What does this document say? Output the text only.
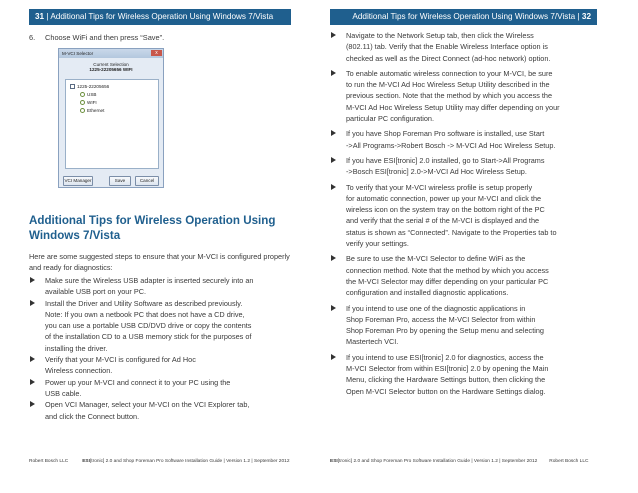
31 | Additional Tips for Wireless Operation Using Windows 7/Vista
6. Choose WiFi and then press “Save”.
M-VCI Selector	x
Current Selection
1225-22205656 WIFI
1225-22205656
USB
WIFI
Ethernet
VCI Manager	Save	Cancel
Additional Tips for Wireless Operation Using Windows 7/Vista

Here are some suggested steps to ensure that your M-VCI is configured properly and ready for diagnostics:

Make sure the Wireless USB adapter is inserted securely into an
available USB port on your PC.
Install the Driver and Utility Software as described previously.
Note: If you own a netbook PC that does not have a CD drive,
you can use a portable USB CD/DVD drive or copy the contents
of the installation CD to a USB memory stick for the purposes of
installing the driver.
Verify that your M-VCI is configured for Ad Hoc
Wireless connection.
Power up your M-VCI and connect it to your PC using the
USB cable.
Open VCI Manager, select your M-VCI on the VCI Explorer tab,
and click the Connect button.
Robert Bosch LLC	ESI[tronic] 2.0 and Shop Foreman Pro Software Installation Guide | Version 1.2 | September 2012
Additional Tips for Wireless Operation Using Windows 7/Vista | 32
Navigate to the Network Setup tab, then click the Wireless
(802.11) tab. Verify that the Enable Wireless Interface option is
checked as well as the Direct Connect (ad-hoc network) option.
To enable automatic wireless connection to your M-VCI, be sure
to run the M-VCI Ad Hoc Wireless Setup Utility described in the
previous section. Note that the method by which you access the
M-VCI Ad Hoc Wireless Setup Utility may differ depending on your
particular PC configuration.
If you have Shop Foreman Pro software is installed, use Start
->All Programs->Robert Bosch -> M-VCI Ad Hoc Wireless Setup.
If you have ESI[tronic] 2.0 installed, go to Start->All Programs
->Bosch ESI[tronic] 2.0->M-VCI Ad Hoc Wireless Setup.
To verify that your M-VCI wireless profile is setup properly
for automatic connection, power up your M-VCI and click the
wireless icon on the system tray on the bottom right of the PC
and verify that the serial # of the M-VCI is displayed and the
status is shown as “Connected”. Navigate to the Properties tab to
verify your settings.
Be sure to use the M-VCI Selector to define WiFi as the
connection method. Note that the method by which you access
the M-VCI Selector may differ depending on your particular PC
configuration and installed diagnostic applications.
If you intend to use one of the diagnostic applications in
Shop Foreman Pro, access the M-VCI Selector from within
Shop Foreman Pro by opening the Setup menu and selecting
Mastertech VCI.
If you intend to use ESI[tronic] 2.0 for diagnostics, access the
M-VCI Selector from within ESI[tronic] 2.0 by opening the Main
Menu, clicking the Hardware Settings button, then clicking the
Open M-VCI Selector button on the Hardware Settings dialog.
ESI[tronic] 2.0 and Shop Foreman Pro Software Installation Guide | Version 1.2 | September 2012	Robert Bosch LLC
